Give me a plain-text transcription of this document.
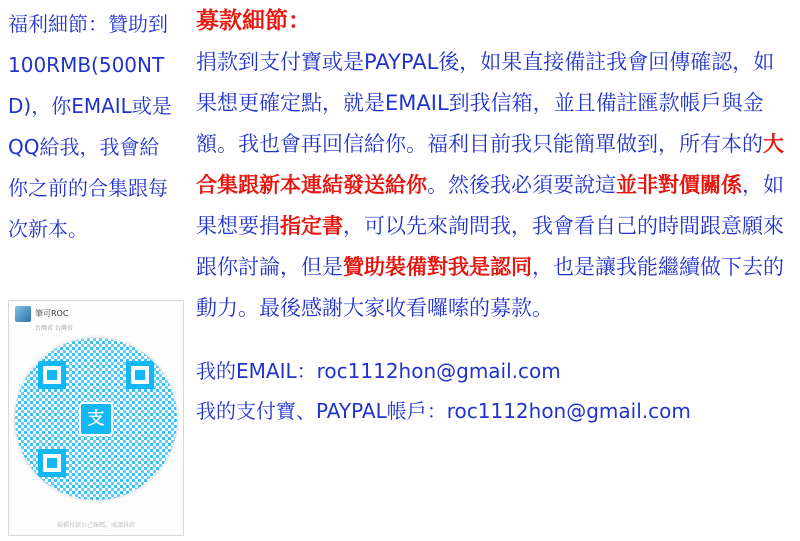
福利細節：贊助到100RMB(500NTD)，你EMAIL或是QQ給我，我會給你之前的合集跟每次新本。
筆可ROC
台灣省 台灣省
支
掃描付款公己線碼，成請抖款
募款細節：
捐款到支付寶或是PAYPAL後，如果直接備註我會回傳確認，如果想更確定點，就是EMAIL到我信箱，並且備註匯款帳戶與金額。我也會再回信給你。福利目前我只能簡單做到，所有本的大合集跟新本連結發送給你。然後我必須要說這並非對價關係，如果想要捐指定書，可以先來詢問我，我會看自己的時間跟意願來跟你討論，但是贊助裝備對我是認同，也是讓我能繼續做下去的動力。最後感謝大家收看囉嗦的募款。
我的EMAIL：roc1112hon@gmail.com
我的支付寶、PAYPAL帳戶：roc1112hon@gmail.com
